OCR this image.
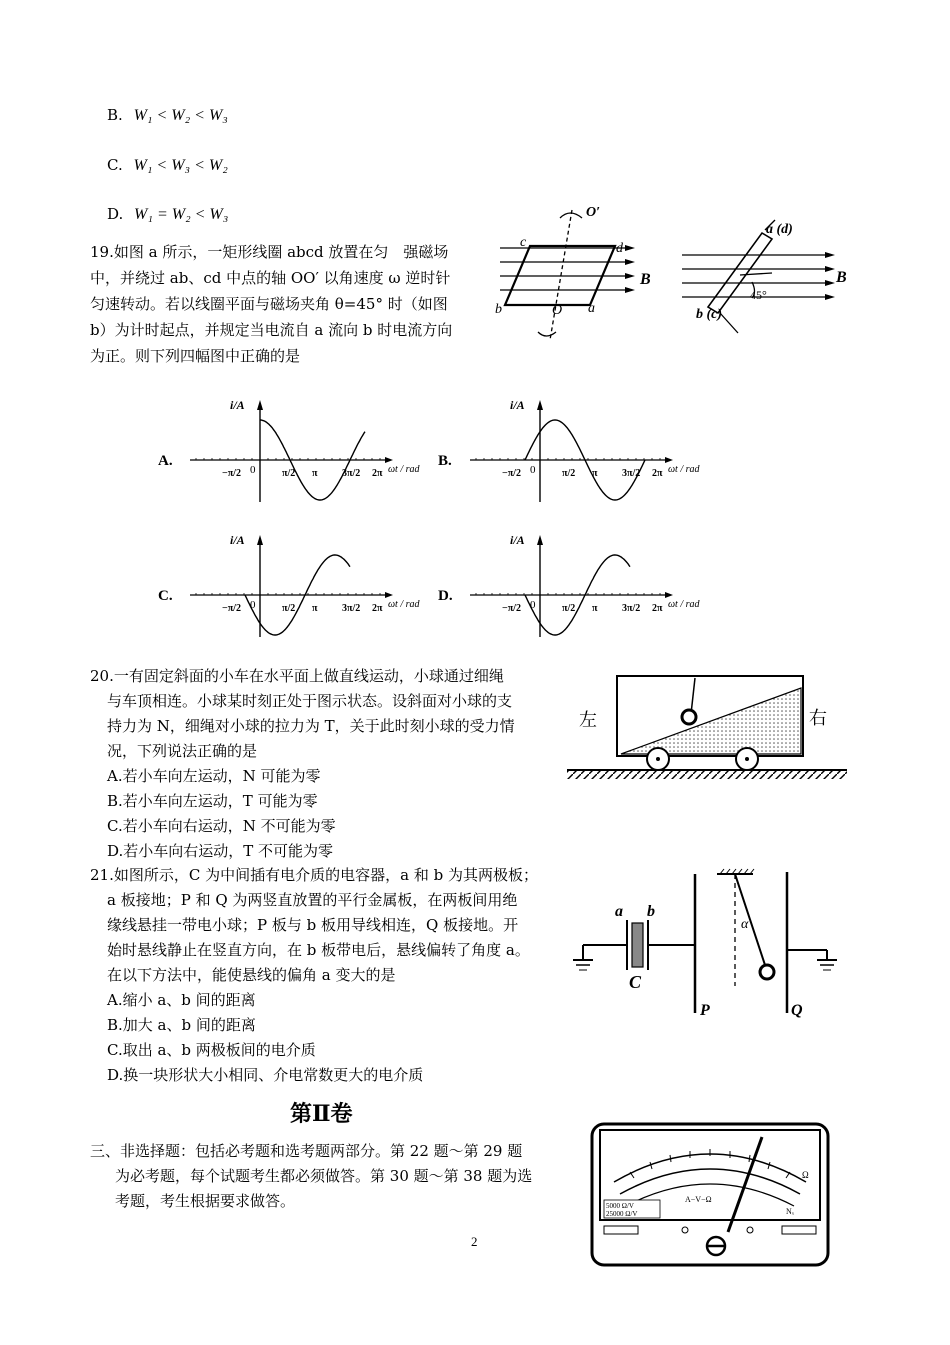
B. W₁ < W₂ < W₃
C. W₁ < W₃ < W₂
D. W₁ = W₂ < W₃
19.如图 a 所示，一矩形线圈 abcd 放置在匀　强磁场
中，并绕过 ab、cd 中点的轴 OO′ 以角速度 ω 逆时针
匀速转动。若以线圈平面与磁场夹角 θ=45° 时（如图
b）为计时起点，并规定当电流自 a 流向 b 时电流方向
为正。则下列四幅图中正确的是
c	d
a
b
O′
O
B
a (d)
b (c)
45°
B
A.
i/A
ωt / rad
0
−π/2	π/2 π 3π/2 2π
B.
i/A
ωt / rad
0
−π/2	π/2 π 3π/2 2π
C.
i/A
ωt / rad
0
−π/2	π/2 π 3π/2 2π
D.
i/A
ωt / rad
0
−π/2	π/2 π 3π/2 2π
20.一有固定斜面的小车在水平面上做直线运动，小球通过细绳
与车顶相连。小球某时刻正处于图示状态。设斜面对小球的支
持力为 N，细绳对小球的拉力为 T，关于此时刻小球的受力情
况，下列说法正确的是
A.若小车向左运动，N 可能为零
B.若小车向左运动，T 可能为零
C.若小车向右运动，N 不可能为零
D.若小车向右运动，T 不可能为零
左	右
21.如图所示，C 为中间插有电介质的电容器，a 和 b 为其两极板；
a 板接地；P 和 Q 为两竖直放置的平行金属板，在两板间用绝
缘线悬挂一带电小球；P 板与 b 板用导线相连，Q 板接地。开
始时悬线静止在竖直方向，在 b 板带电后，悬线偏转了角度 a。
在以下方法中，能使悬线的偏角 a 变大的是
A.缩小 a、b 间的距离
B.加大 a、b 间的距离
C.取出 a、b 两极板间的电介质
D.换一块形状大小相同、介电常数更大的电介质
a b
C
P	Q
α
第Ⅱ卷
三、非选择题：包括必考题和选考题两部分。第 22 题～第 29 题
为必考题，每个试题考生都必须做答。第 30 题～第 38 题为选
考题，考生根据要求做答。	5000 Ω/V
25000 Ω/V
A−V−Ω
Ω
Nₓ
2
